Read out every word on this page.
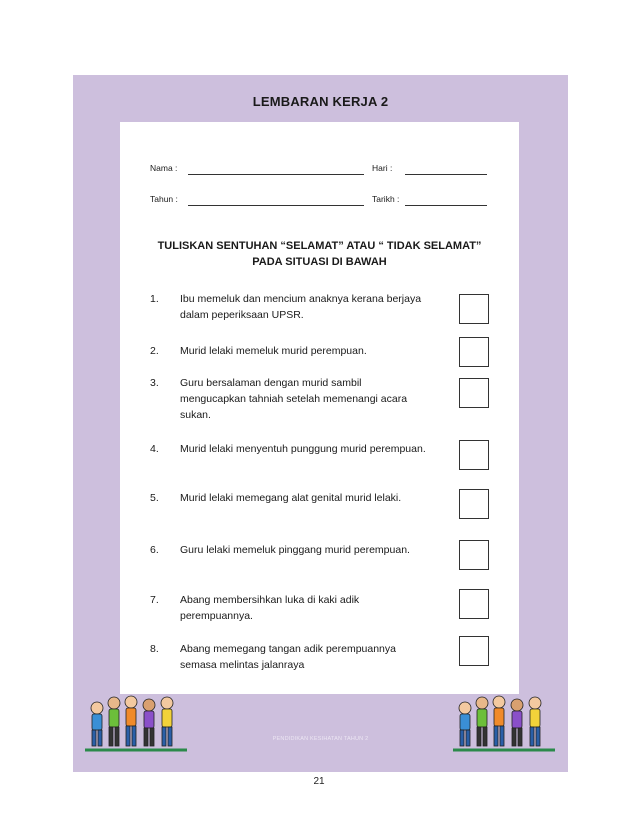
LEMBARAN KERJA 2
Nama :	Hari :
Tahun :	Tarikh :
TULISKAN SENTUHAN “SELAMAT” ATAU “ TIDAK SELAMAT”
PADA SITUASI DI BAWAH
1. Ibu memeluk dan mencium anaknya kerana berjaya dalam peperiksaan UPSR.
2. Murid lelaki memeluk murid perempuan.
3. Guru bersalaman dengan murid sambil mengucapkan tahniah setelah memenangi acara sukan.
4. Murid lelaki menyentuh punggung murid perempuan.
5. Murid lelaki memegang alat genital murid lelaki.
6. Guru lelaki memeluk pinggang murid perempuan.
7. Abang membersihkan luka di kaki adik perempuannya.
8. Abang memegang tangan adik perempuannya semasa melintas jalanraya
PENDIDIKAN KESIHATAN TAHUN 2
21
